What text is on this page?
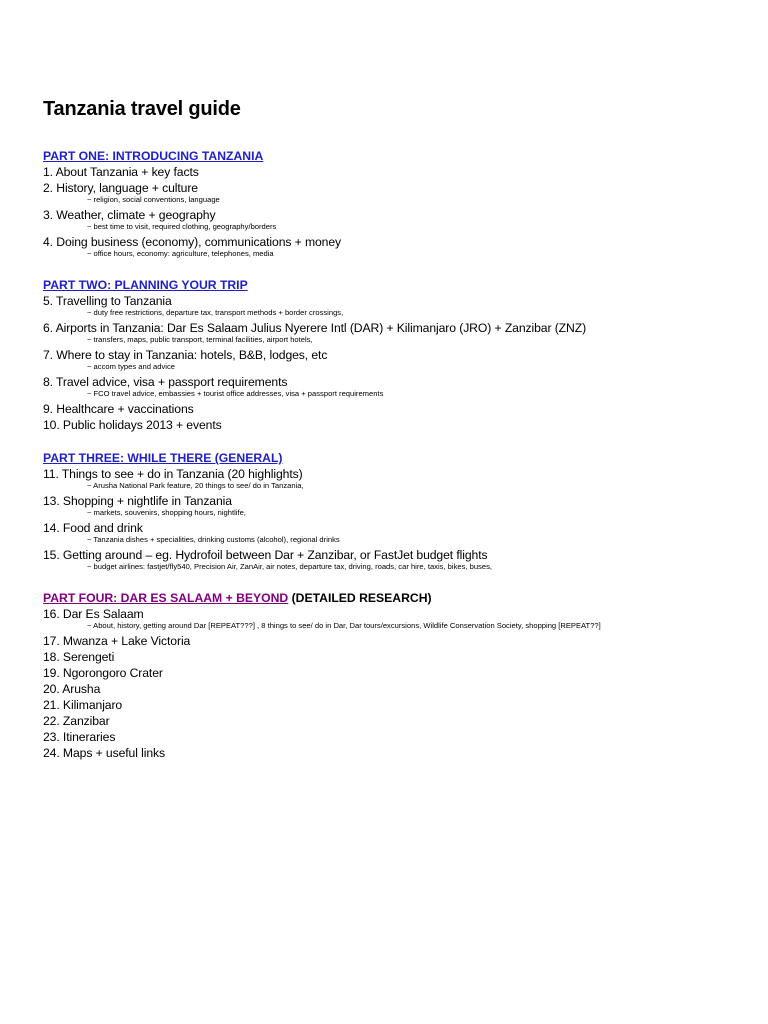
Tanzania travel guide
PART ONE: INTRODUCING TANZANIA
1. About Tanzania + key facts
2. History, language + culture
~ religion, social conventions, language
3. Weather, climate + geography
~ best time to visit, required clothing, geography/borders
4. Doing business (economy), communications + money
~ office hours, economy: agriculture, telephones, media
PART TWO: PLANNING YOUR TRIP
5. Travelling to Tanzania
~ duty free restrictions, departure tax, transport methods + border crossings,
6. Airports in Tanzania: Dar Es Salaam Julius Nyerere Intl (DAR) + Kilimanjaro (JRO) + Zanzibar (ZNZ)
~ transfers, maps, public transport, terminal facilities, airport hotels,
7. Where to stay in Tanzania: hotels, B&B, lodges, etc
~ accom types and advice
8. Travel advice, visa + passport requirements
~ FCO travel advice, embassies + tourist office addresses, visa + passport requirements
9. Healthcare + vaccinations
10. Public holidays 2013 + events
PART THREE: WHILE THERE (GENERAL)
11. Things to see + do in Tanzania (20 highlights)
~ Arusha National Park feature, 20 things to see/ do in Tanzania,
13. Shopping + nightlife in Tanzania
~ markets, souvenirs, shopping hours, nightlife,
14. Food and drink
~ Tanzania dishes + specialities, drinking customs (alcohol), regional drinks
15. Getting around – eg. Hydrofoil between Dar + Zanzibar, or FastJet budget flights
~ budget airlines: fastjet/fly540, Precision Air, ZanAir, air notes, departure tax, driving, roads, car hire, taxis, bikes, buses,
PART FOUR: DAR ES SALAAM + BEYOND (DETAILED RESEARCH)
16. Dar Es Salaam
~ About, history, getting around Dar [REPEAT???] , 8 things to see/ do in Dar, Dar tours/excursions, Wildlife Conservation Society, shopping [REPEAT??]
17. Mwanza + Lake Victoria
18. Serengeti
19. Ngorongoro Crater
20. Arusha
21. Kilimanjaro
22. Zanzibar
23. Itineraries
24. Maps + useful links
